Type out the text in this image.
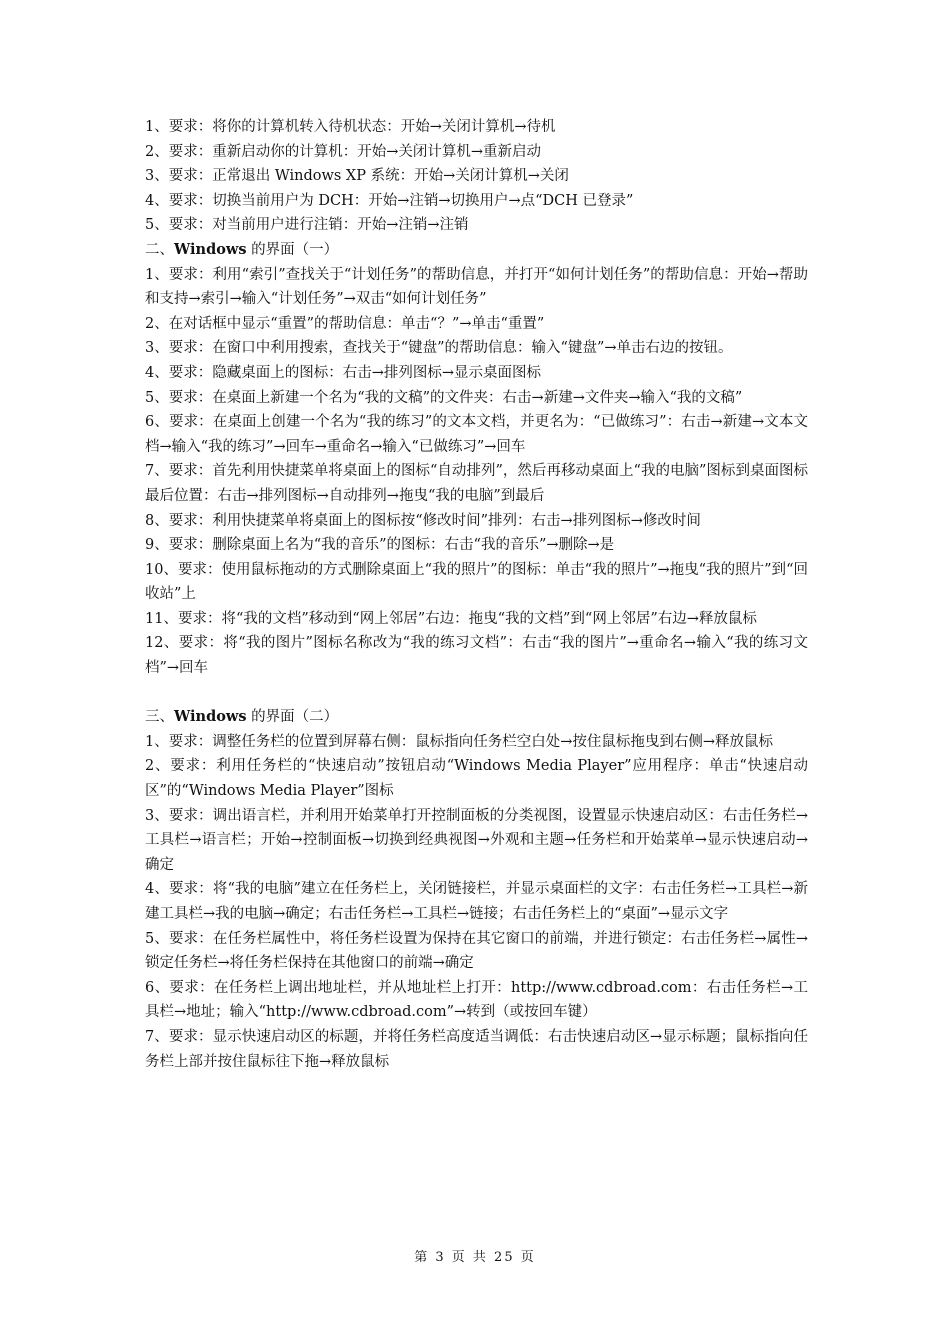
1、要求：将你的计算机转入待机状态：开始→关闭计算机→待机

2、要求：重新启动你的计算机：开始→关闭计算机→重新启动

3、要求：正常退出 Windows XP 系统：开始→关闭计算机→关闭

4、要求：切换当前用户为 DCH：开始→注销→切换用户→点“DCH 已登录”

5、要求：对当前用户进行注销：开始→注销→注销

二、Windows 的界面（一）

1、要求：利用“索引”查找关于“计划任务”的帮助信息，并打开“如何计划任务”的帮助信息：开始→帮助和支持→索引→输入“计划任务”→双击“如何计划任务”

2、在对话框中显示“重置”的帮助信息：单击“？”→单击“重置”

3、要求：在窗口中利用搜索，查找关于“键盘”的帮助信息：输入“键盘”→单击右边的按钮。

4、要求：隐藏桌面上的图标：右击→排列图标→显示桌面图标

5、要求：在桌面上新建一个名为“我的文稿”的文件夹：右击→新建→文件夹→输入“我的文稿”

6、要求：在桌面上创建一个名为“我的练习”的文本文档，并更名为：“已做练习”：右击→新建→文本文档→输入“我的练习”→回车→重命名→输入“已做练习”→回车

7、要求：首先利用快捷菜单将桌面上的图标“自动排列”，然后再移动桌面上“我的电脑”图标到桌面图标最后位置：右击→排列图标→自动排列→拖曳“我的电脑”到最后

8、要求：利用快捷菜单将桌面上的图标按“修改时间”排列：右击→排列图标→修改时间

9、要求：删除桌面上名为“我的音乐”的图标：右击“我的音乐”→删除→是

10、要求：使用鼠标拖动的方式删除桌面上“我的照片”的图标：单击“我的照片”→拖曳“我的照片”到“回收站”上

11、要求：将“我的文档”移动到“网上邻居”右边：拖曳“我的文档”到“网上邻居”右边→释放鼠标

12、要求：将“我的图片”图标名称改为“我的练习文档”：右击“我的图片”→重命名→输入“我的练习文档”→回车

三、Windows 的界面（二）

1、要求：调整任务栏的位置到屏幕右侧：鼠标指向任务栏空白处→按住鼠标拖曳到右侧→释放鼠标

2、要求：利用任务栏的“快速启动”按钮启动“Windows Media Player”应用程序：单击“快速启动区”的“Windows Media Player”图标

3、要求：调出语言栏，并利用开始菜单打开控制面板的分类视图，设置显示快速启动区：右击任务栏→工具栏→语言栏；开始→控制面板→切换到经典视图→外观和主题→任务栏和开始菜单→显示快速启动→确定

4、要求：将“我的电脑”建立在任务栏上，关闭链接栏，并显示桌面栏的文字：右击任务栏→工具栏→新建工具栏→我的电脑→确定；右击任务栏→工具栏→链接；右击任务栏上的“桌面”→显示文字

5、要求：在任务栏属性中，将任务栏设置为保持在其它窗口的前端，并进行锁定：右击任务栏→属性→锁定任务栏→将任务栏保持在其他窗口的前端→确定

6、要求：在任务栏上调出地址栏，并从地址栏上打开：http://www.cdbroad.com：右击任务栏→工具栏→地址；输入“http://www.cdbroad.com”→转到（或按回车键）

7、要求：显示快速启动区的标题，并将任务栏高度适当调低：右击快速启动区→显示标题；鼠标指向任务栏上部并按住鼠标往下拖→释放鼠标

第 3 页 共 25 页
